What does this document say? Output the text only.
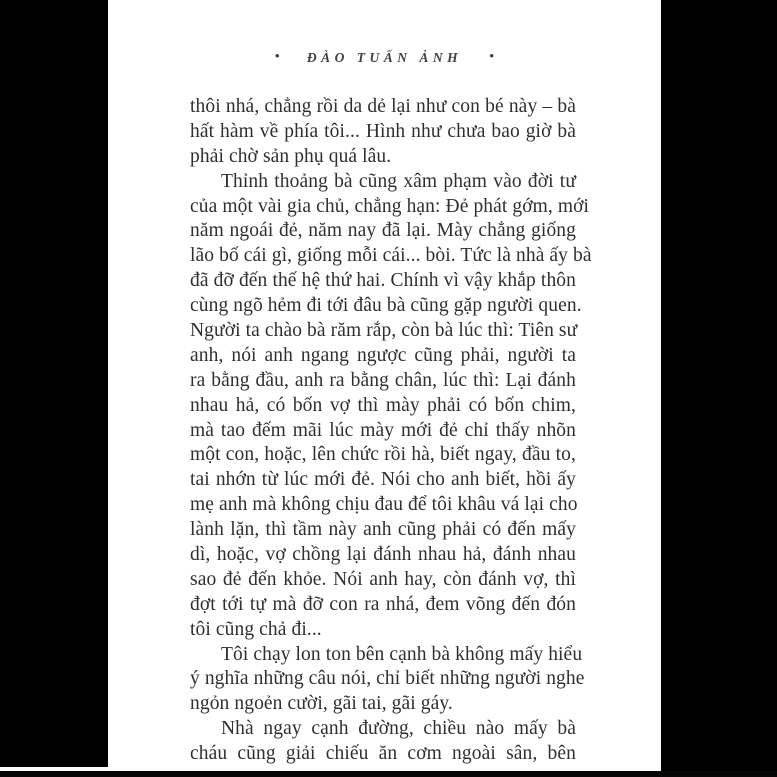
• ĐÀO TUẤN ẢNH •
thôi nhá, chẳng rồi da dẻ lại như con bé này – bà
hất hàm về phía tôi... Hình như chưa bao giờ bà
phải chờ sản phụ quá lâu.
Thỉnh thoảng bà cũng xâm phạm vào đời tư
của một vài gia chủ, chẳng hạn: Đẻ phát gớm, mới
năm ngoái đẻ, năm nay đã lại. Mày chẳng giống
lão bố cái gì, giống mỗi cái... bòi. Tức là nhà ấy bà
đã đỡ đến thế hệ thứ hai. Chính vì vậy khắp thôn
cùng ngõ hẻm đi tới đâu bà cũng gặp người quen.
Người ta chào bà răm rắp, còn bà lúc thì: Tiên sư
anh, nói anh ngang ngược cũng phải, người ta
ra bằng đầu, anh ra bằng chân, lúc thì: Lại đánh
nhau hả, có bốn vợ thì mày phải có bốn chim,
mà tao đếm mãi lúc mày mới đẻ chỉ thấy nhõn
một con, hoặc, lên chức rồi hà, biết ngay, đầu to,
tai nhớn từ lúc mới đẻ. Nói cho anh biết, hồi ấy
mẹ anh mà không chịu đau để tôi khâu vá lại cho
lành lặn, thì tầm này anh cũng phải có đến mấy
dì, hoặc, vợ chồng lại đánh nhau hả, đánh nhau
sao đẻ đến khỏe. Nói anh hay, còn đánh vợ, thì
đợt tới tự mà đỡ con ra nhá, đem võng đến đón
tôi cũng chả đi...
Tôi chạy lon ton bên cạnh bà không mấy hiểu
ý nghĩa những câu nói, chỉ biết những người nghe
ngỏn ngoẻn cười, gãi tai, gãi gáy.
Nhà ngay cạnh đường, chiều nào mấy bà
cháu cũng giải chiếu ăn cơm ngoài sân, bên
